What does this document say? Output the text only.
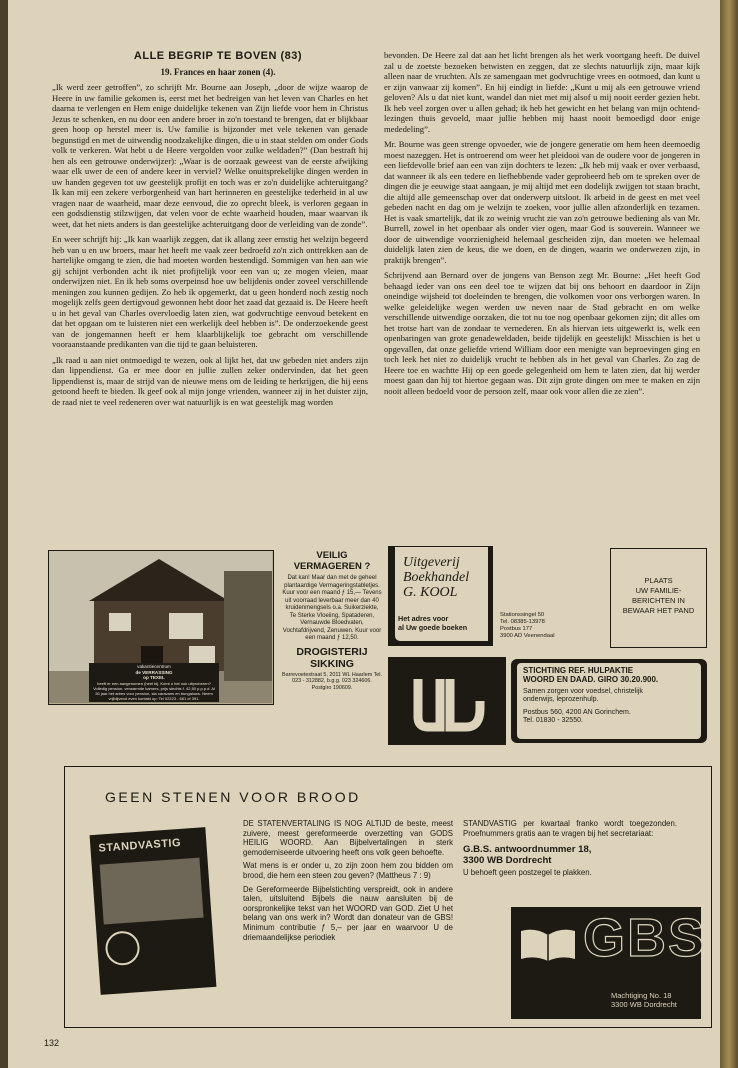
ALLE BEGRIP TE BOVEN (83)
19. Frances en haar zonen (4).

„Ik werd zeer getroffen”, zo schrijft Mr. Bourne aan Joseph, „door de wijze waarop de Heere in uw familie gekomen is, eerst met het bedreigen van het leven van Charles en het daarna te verlengen en Hem enige duidelijke tekenen van Zijn liefde voor hem in Christus Jezus te schenken, en nu door een andere broer in zo'n toestand te brengen, dat er blijkbaar geen hoop op herstel meer is. Uw familie is bijzonder met vele tekenen van genade begunstigd en met de uitwendig noodzakelijke dingen, die u in staat stelden om onder Gods volk te verkeren. Wat hebt u de Heere vergolden voor zulke weldaden?” (Dan bestraft hij hen als een getrouwe onderwijzer): „Waar is de oorzaak geweest van de eerste afwijking waar elk uwer de een of andere keer in verviel? Welke onuitsprekelijke dingen werden in uw handen gegeven tot uw geestelijk profijt en toch was er zo'n duidelijke achteruitgang? Ik kan mij een zekere verborgenheid van hart herinneren en geestelijke tederheid in al uw vragen naar de waarheid, maar deze eenvoud, die zo oprecht bleek, is verloren gegaan in een godsdienstig stilzwijgen, dat velen voor de echte waarheid houden, maar waarvan ik weet, dat het niets anders is dan geestelijke achteruitgang door de verleiding van de zonde”.

En weer schrijft hij: „Ik kan waarlijk zeggen, dat ik allang zeer ernstig het welzijn begeerd heb van u en uw broers, maar het heeft me vaak zeer bedroefd zo'n zich onttrekken aan de hartelijke omgang te zien, die had moeten worden bestendigd. Sommigen van hen aan wie gij schijnt verbonden acht ik niet profijtelijk voor een van u; ze mogen vleien, maar onderwijzen niet. En ik heb soms overpeinsd hoe uw belijdenis onder zoveel verschillende meningen zou kunnen gedijen. Zo heb ik opgemerkt, dat u geen honderd noch zestig noch mogelijk zelfs geen dertigvoud gewonnen hebt door het zaad dat gezaaid is. De Heere heeft u in het geval van Charles overvloedig laten zien, wat godvruchtige eenvoud betekent en dat het opgaan om te luisteren niet een werkelijk deel hebben is”. De onderzoekende geest van de jongemannen heeft er hem klaarblijkelijk toe gebracht om verschillende vooraanstaande predikanten van die tijd te gaan beluisteren.

„Ik raad u aan niet ontmoedigd te wezen, ook al lijkt het, dat uw gebeden niet anders zijn dan lippendienst. Ga er mee door en jullie zullen zeker ondervinden, dat het geen lippendienst is, maar de strijd van de nieuwe mens om de leiding te herkrijgen, die hij eens getoond heeft te bieden. Ik geef ook al mijn jonge vrienden, wanneer zij in het duister zijn, de raad niet te veel redeneren over wat natuurlijk is en wat geestelijk mag worden

bevonden. De Heere zal dat aan het licht brengen als het werk voortgang heeft. De duivel zal u de zoetste bezoeken betwisten en zeggen, dat ze slechts natuurlijk zijn, maar kijk alleen naar de vruchten. Als ze samengaan met godvruchtige vrees en ootmoed, dan kunt u er zijn vanwaar zij komen”. En hij eindigt in liefde: „Kunt u mij als een getrouwe vriend geloven? Als u dat niet kunt, wandel dan niet met mij alsof u mij nooit eerder gezien hebt. Ik heb veel zorgen over u allen gehad; ik heb het gewicht en het belang van mijn ochtend-lezingen thuis gevoeld, maar jullie hebben mij haast nooit bemoedigd door enige mededeling”.

Mr. Bourne was geen strenge opvoeder, wie de jongere generatie om hem heen deemoedig moest nazeggen. Het is ontroerend om weer het pleidooi van de oudere voor de jongeren in een liefdevolle brief aan een van zijn dochters te lezen: „Ik heb mij vaak er over verbaasd, dat wanneer ik als een tedere en liefhebbende vader geprobeerd heb om te spreken over de dingen die je eeuwige staat aangaan, je mij altijd met een dodelijk zwijgen tot staan bracht, die altijd alle gemeenschap over dat onderwerp uitsloot. Ik arbeid in de geest en met veel gebeden nacht en dag om je welzijn te zoeken, voor jullie allen afzonderlijk en tezamen. Het is vaak smartelijk, dat ik zo weinig vrucht zie van zo'n getrouwe bediening als van Mr. Burrell, zowel in het openbaar als onder vier ogen, maar God is souverein. Wanneer we door de uitwendige voorzienigheid helemaal gescheiden zijn, dan moeten we helemaal duidelijk laten zien de keus, die we doen, en de dingen, waarin we onderwezen zijn, in praktijk brengen”.

Schrijvend aan Bernard over de jongens van Benson zegt Mr. Bourne: „Het heeft God behaagd ieder van ons een deel toe te wijzen dat bij ons behoort en daardoor in Zijn oneindige wijsheid tot doeleinden te brengen, die volkomen voor ons verborgen waren. In welke geleidelijke wegen werden uw neven naar de Stad gebracht en om welke verschillende uitwendige oorzaken, die tot nu toe nog openbaar gekomen zijn; dit alles om het trotse hart van de zondaar te vernederen. En als hiervan iets uitgewerkt is, welk een openbaringen van grote genadeweldaden, beide tijdelijk en geestelijk! Misschien is het u opgevallen, dat onze geliefde vriend William door een menigte van beproevingen ging en toch leek het niet zo duidelijk vrucht te hebben als in het geval van Charles. Zo zag de Heere toe en wachtte Hij op een goede gelegenheid om hem te laten zien, dat hij werder moest gaan dan hij tot hiertoe gegaan was. Dit zijn grote dingen om mee te maken en zijn nooit alleen bedoeld voor de persoon zelf, maar ook voor allen die ze zien”.

vakantiecentrum
de VERRASSING
op TEXEL
heeft er een aangenomen (heel bij. Komt u het ook uitproberen? Volledig pension, verwarmde kamers, prijs slechts f. 42,50 p.p.p.d. Al 26 jaar het adres voor pension, sta caravans en bungalows. Neem vrijblijvend even kontakt op: Tel 02223 - 661 of 391.
VEILIG VERMAGEREN ?
Dat kan! Maar dan met de geheel plantaardige Vermageringstabletjes. Kuur voor een maand ƒ 15,— Tevens uit voorraad leverbaar meer dan 40 kruidenmengsels o.a. Suikerziekte, Te Sterke Vloeiing, Spataderen, Vernauwde Bloedvaten, Vochtafdrijvend, Zenuwen. Kuur voor een maand ƒ 12,50.
DROGISTERIJ SIKKING
Barrevoetestraat 5, 2011 WL Haarlem Tel. 023 - 312882, b.g.g. 023 324606. Postgiro 190609.
Uitgeverij
Boekhandel
G. KOOL
Het adres voor
al Uw goede boeken
Stationssingel 50
Tel. 08385-13978
Postbus 177
3900 AD Veenendaal
PLAATS
UW FAMILIE-
BERICHTEN IN
BEWAAR HET PAND
STICHTING REF. HULPAKTIE
WOORD EN DAAD. GIRO 30.20.900.
Samen zorgen voor voedsel, christelijk
onderwijs, leprozenhulp.
Postbus 560, 4200 AN Gorinchem.
Tel. 01830 - 32550.
GEEN STENEN VOOR BROOD
STANDVASTIG

DE STATENVERTALING IS NOG ALTIJD de beste, meest zuivere, meest gereformeerde overzetting van GODS HEILIG WOORD. Aan Bijbelvertalingen in sterk gemoderniseerde uitvoering heeft ons volk geen behoefte.

Wat mens is er onder u, zo zijn zoon hem zou bidden om brood, die hem een steen zou geven? (Mattheus 7 : 9)

De Gereformeerde Bijbelstichting verspreidt, ook in andere talen, uitsluitend Bijbels die nauw aansluiten bij de oorspronkelijke tekst van het WOORD van GOD. Ziet U het belang van ons werk in? Wordt dan donateur van de GBS! Minimum contributie ƒ 5,– per jaar en waarvoor U de driemaandelijkse periodiek

STANDVASTIG per kwartaal franko wordt toegezonden. Proefnummers gratis aan te vragen bij het secretariaat:

G.B.S. antwoordnummer 18,
3300 WB Dordrecht

U behoeft geen postzegel te plakken.

GBS
Machtiging No. 18
3300 WB Dordrecht
132
